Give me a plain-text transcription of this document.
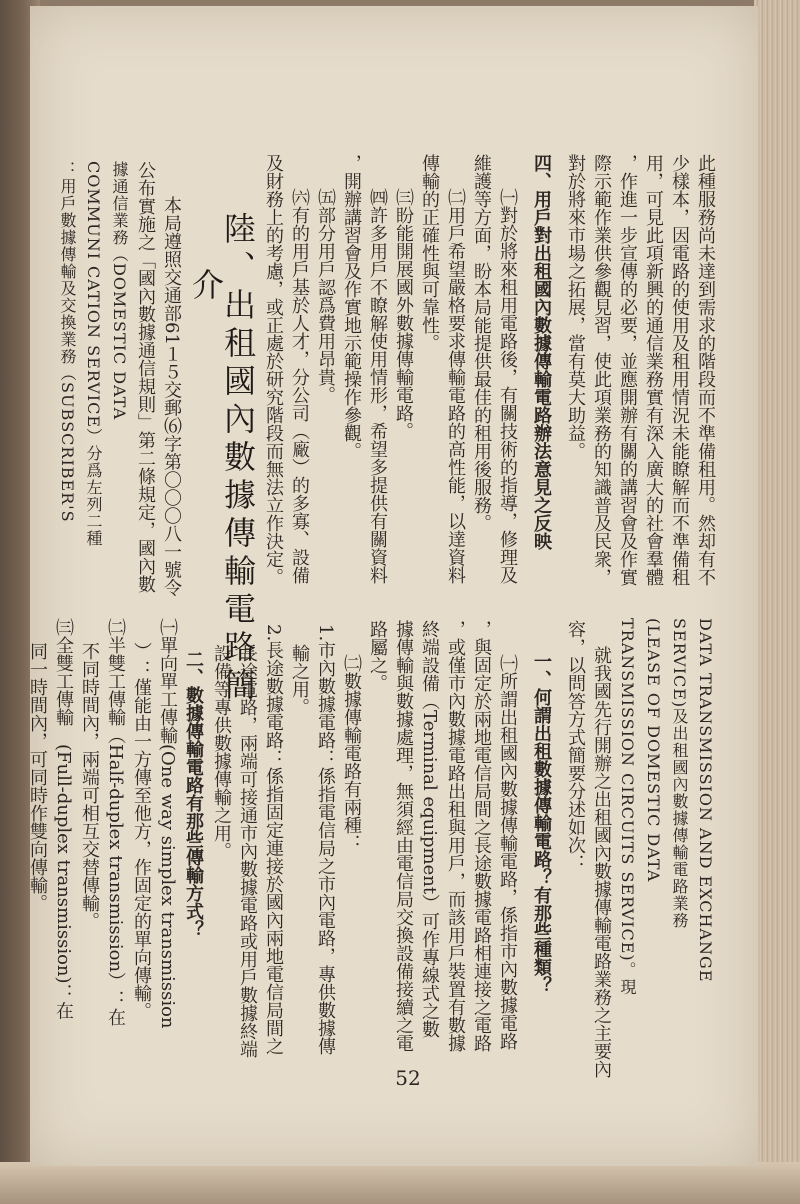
此種服務尚未達到需求的階段而不準備租用。然却有不
少樣本，因電路的使用及租用情況未能瞭解而不準備租
用，可見此項新興的通信業務實有深入廣大的社會羣體
，作進一步宣傳的必要，並應開辦有關的講習會及作實
際示範作業供參觀見習，使此項業務的知識普及民衆，
對於將來市場之拓展，當有莫大助益。
四、用戶對出租國內數據傳輸電路辦法意見之反映
㈠對於將來租用電路後，有關技術的指導，修理及
維護等方面，盼本局能提供最佳的租用後服務。
㈡用戶希望嚴格要求傳輸電路的高性能，以達資料
傳輸的正確性與可靠性。
㈢盼能開展國外數據傳輸電路。
㈣許多用戶不瞭解使用情形，希望多提供有關資料
，開辦講習會及作實地示範操作參觀。
㈤部分用戶認爲費用昂貴。
㈥有的用戶基於人才，分公司（廠）的多寡、設備
及財務上的考慮，或正處於研究階段而無法立作決定。
陸、出租國內數據傳輸電路簡
介
本局遵照交通部61１５交郵⑹字第〇〇〇八一號令
公布實施之「國內數據通信規則」第二條規定，國內數
據通信業務（DOMESTIC DATA
COMMUNI CATION SERVICE）分爲左列二種
：用戶數據傳輸及交換業務（SUBSCRIBER'S
DATA TRANSMISSION AND EXCHANGE
SERVICE)及出租國內數據傳輸電路業務
(LEASE OF DOMESTIC DATA
TRANSMISSION CIRCUITS SERVICE)。現
就我國先行開辦之出租國內數據傳輸電路業務之主要內
容，以問答方式簡要分述如次：
一、何謂出租數據傳輸電路？有那些種類？
㈠所謂出租國內數據傳輸電路，係指市內數據電路
，與固定於兩地電信局間之長途數據電路相連接之電路
，或僅市內數據電路出租與用戶，而該用戶裝置有數據
終端設備（Terminal equipment）可作專線式之數
據傳輸與數據處理，無須經由電信局交換設備接續之電
路屬之。
㈡數據傳輸電路有兩種：
1.市內數據電路：係指電信局之市內電路，專供數據傳
輸之用。
2.長途數據電路：係指固定連接於國內兩地電信局間之
長途電路，兩端可接通市內數據電路或用戶數據終端
設備等專供數據傳輸之用。
二、數據傳輸電路有那些傳輸方式？
㈠單向單工傳輸(One way simplex transmission
）：僅能由一方傳至他方，作固定的單向傳輸。
㈡半雙工傳輸（Half-duplex transmission）：在
不同時間內，兩端可相互交替傳輸。
㈢全雙工傳輸　(Full-duplex transmission)：在
同一時間內，可同時作雙向傳輸。
52
